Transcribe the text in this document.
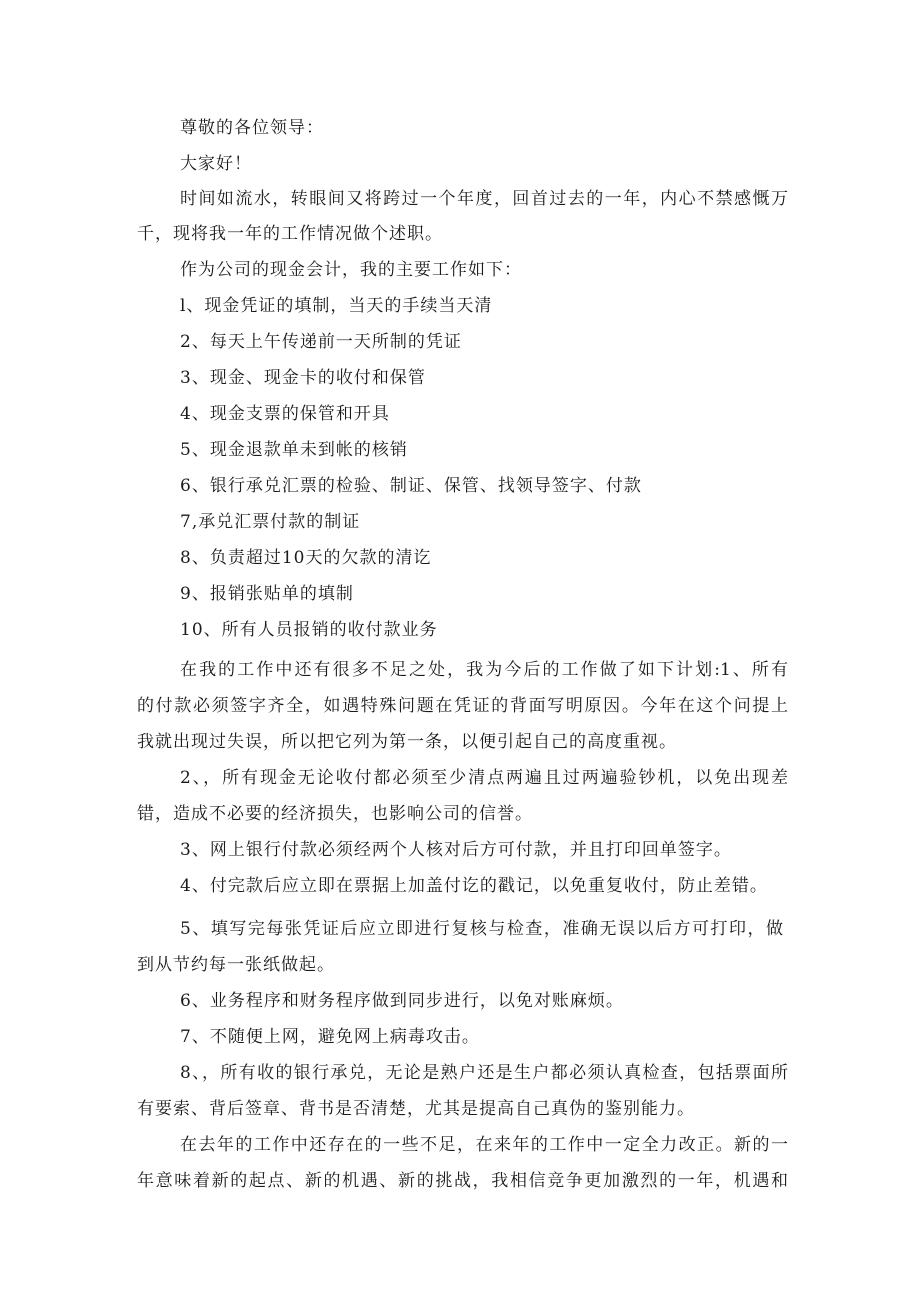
尊敬的各位领导：
大家好！
时间如流水，转眼间又将跨过一个年度，回首过去的一年，内心不禁感慨万
千，现将我一年的工作情况做个述职。
作为公司的现金会计，我的主要工作如下：
l、现金凭证的填制，当天的手续当天清
2、每天上午传递前一天所制的凭证
3、现金、现金卡的收付和保管
4、现金支票的保管和开具
5、现金退款单未到帐的核销
6、银行承兑汇票的检验、制证、保管、找领导签字、付款
7,承兑汇票付款的制证
8、负责超过10天的欠款的清讫
9、报销张贴单的填制
10、所有人员报销的收付款业务
在我的工作中还有很多不足之处，我为今后的工作做了如下计划:1、所有
的付款必须签字齐全，如遇特殊问题在凭证的背面写明原因。今年在这个问提上
我就出现过失误，所以把它列为第一条，以便引起自己的高度重视。
2、，所有现金无论收付都必须至少清点两遍且过两遍验钞机，以免出现差
错，造成不必要的经济损失，也影响公司的信誉。
3、网上银行付款必须经两个人核对后方可付款，并且打印回单签字。
4、付完款后应立即在票据上加盖付讫的戳记，以免重复收付，防止差错。
5、填写完每张凭证后应立即进行复核与检查，准确无误以后方可打印，做
到从节约每一张纸做起。
6、业务程序和财务程序做到同步进行，以免对账麻烦。
7、不随便上网，避免网上病毒攻击。
8、，所有收的银行承兑，无论是熟户还是生户都必须认真检查，包括票面所
有要索、背后签章、背书是否清楚，尤其是提高自己真伪的鉴别能力。
在去年的工作中还存在的一些不足，在来年的工作中一定全力改正。新的一
年意味着新的起点、新的机遇、新的挑战，我相信竞争更加激烈的一年，机遇和
